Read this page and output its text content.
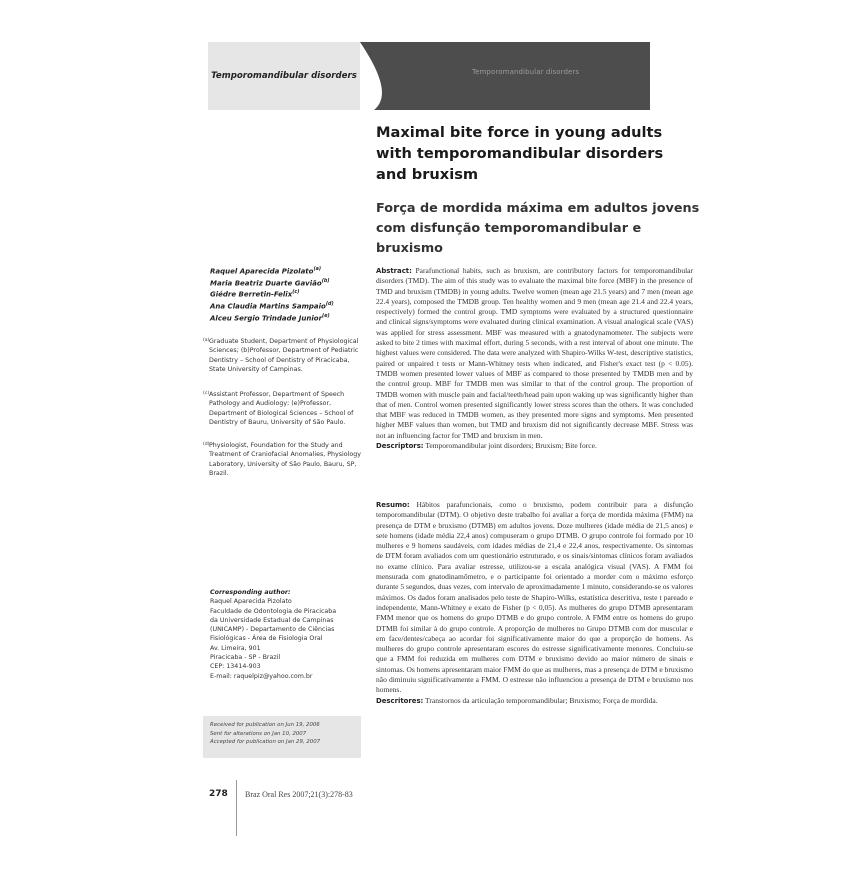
Temporomandibular disorders	Temporomandibular disorders
Maximal bite force in young adults with temporomandibular disorders and bruxism
Força de mordida máxima em adultos jovens com disfunção temporomandibular e bruxismo
Raquel Aparecida Pizolato$^{(a)}$
Maria Beatriz Duarte Gavião$^{(b)}$
Giédre Berretin-Felix$^{(c)}$
Ana Claudia Martins Sampaio$^{(d)}$
Alceu Sergio Trindade Junior$^{(e)}$
(a) Graduate Student, Department of Physiological Sciences; (b)Professor, Department of Pediatric Dentistry – School of Dentistry of Piracicaba, State University of Campinas.
(c) Assistant Professor, Department of Speech Pathology and Audiology; (e)Professor, Department of Biological Sciences – School of Dentistry of Bauru, University of São Paulo.
(d) Physiologist, Foundation for the Study and Treatment of Craniofacial Anomalies, Physiology Laboratory, University of São Paulo, Bauru, SP, Brazil.
Corresponding author:
Raquel Aparecida Pizolato
Faculdade de Odontologia de Piracicaba
da Universidade Estadual de Campinas
(UNICAMP) - Departamento de Ciências
Fisiológicas - Área de Fisiologia Oral
Av. Limeira, 901
Piracicaba - SP - Brazil
CEP: 13414-903
E-mail: raquelpiz@yahoo.com.br
Received for publication on Jun 19, 2006
Sent for alterations on Jan 10, 2007
Accepted for publication on Jan 29, 2007

Abstract: Parafunctional habits, such as bruxism, are contributory factors for temporomandibular disorders (TMD). The aim of this study was to evaluate the maximal bite force (MBF) in the presence of TMD and bruxism (TMDB) in young adults. Twelve women (mean age 21.5 years) and 7 men (mean age 22.4 years), composed the TMDB group. Ten healthy women and 9 men (mean age 21.4 and 22.4 years, respectively) formed the control group. TMD symptoms were evaluated by a structured questionnaire and clinical signs/symptoms were evaluated during clinical examination. A visual analogical scale (VAS) was applied for stress assessment. MBF was measured with a gnatodynamometer. The subjects were asked to bite 2 times with maximal effort, during 5 seconds, with a rest interval of about one minute. The highest values were considered. The data were analyzed with Shapiro-Wilks W-test, descriptive statistics, paired or unpaired t tests or Mann-Whitney tests when indicated, and Fisher's exact test (p < 0.05). TMDB women presented lower values of MBF as compared to those presented by TMDB men and by the control group. MBF for TMDB men was similar to that of the control group. The proportion of TMDB women with muscle pain and facial/teeth/head pain upon waking up was significantly higher than that of men. Control women presented significantly lower stress scores than the others. It was concluded that MBF was reduced in TMDB women, as they presented more signs and symptoms. Men presented higher MBF values than women, but TMD and bruxism did not significantly decrease MBF. Stress was not an influencing factor for TMD and bruxism in men.

Descriptors: Temporomandibular joint disorders; Bruxism; Bite force.

Resumo: Hábitos parafuncionais, como o bruxismo, podem contribuir para a disfunção temporomandibular (DTM). O objetivo deste trabalho foi avaliar a força de mordida máxima (FMM) na presença de DTM e bruxismo (DTMB) em adultos jovens. Doze mulheres (idade média de 21,5 anos) e sete homens (idade média 22,4 anos) compuseram o grupo DTMB. O grupo controle foi formado por 10 mulheres e 9 homens saudáveis, com idades médias de 21,4 e 22,4 anos, respectivamente. Os sintomas de DTM foram avaliados com um questionário estruturado, e os sinais/sintomas clínicos foram avaliados no exame clínico. Para avaliar estresse, utilizou-se a escala analógica visual (VAS). A FMM foi mensurada com gnatodinamômetro, e o participante foi orientado a morder com o máximo esforço durante 5 segundos, duas vezes, com intervalo de aproximadamente 1 minuto, considerando-se os valores máximos. Os dados foram analisados pelo teste de Shapiro-Wilks, estatística descritiva, teste t pareado e independente, Mann-Whitney e exato de Fisher (p < 0,05). As mulheres do grupo DTMB apresentaram FMM menor que os homens do grupo DTMB e do grupo controle. A FMM entre os homens do grupo DTMB foi similar à do grupo controle. A proporção de mulheres no Grupo DTMB com dor muscular e em face/dentes/cabeça ao acordar foi significativamente maior do que a proporção de homens. As mulheres do grupo controle apresentaram escores do estresse significativamente menores. Concluiu-se que a FMM foi reduzida em mulheres com DTM e bruxismo devido ao maior número de sinais e sintomas. Os homens apresentaram maior FMM do que as mulheres, mas a presença de DTM e bruxismo não diminuiu significativamente a FMM. O estresse não influenciou a presença de DTM e bruxismo nos homens.

Descritores: Transtornos da articulação temporomandibular; Bruxismo; Força de mordida.

278 Braz Oral Res 2007;21(3):278-83
